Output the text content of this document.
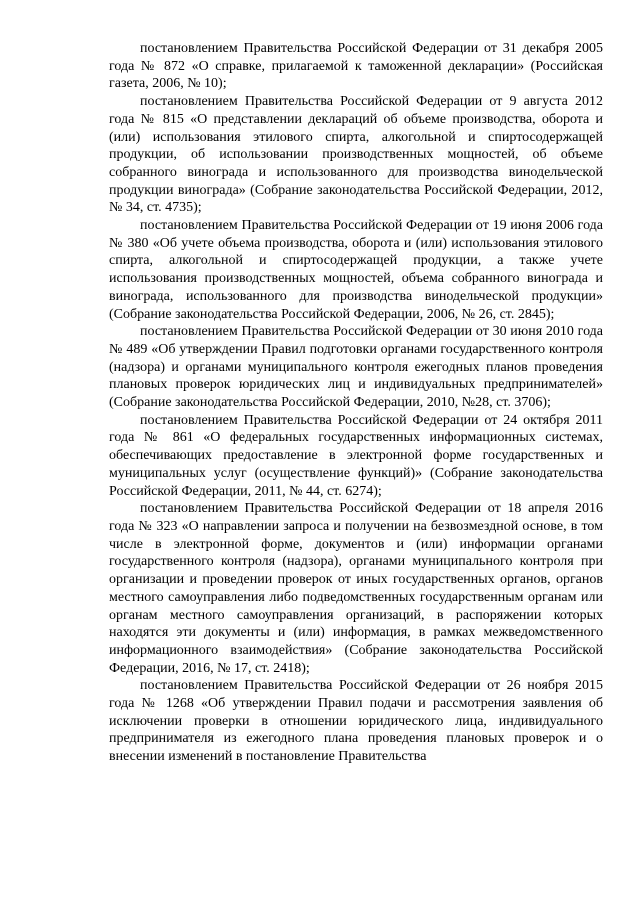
постановлением Правительства Российской Федерации от 31 декабря 2005 года № 872 «О справке, прилагаемой к таможенной декларации» (Российская газета, 2006, № 10);

постановлением Правительства Российской Федерации от 9 августа 2012 года № 815 «О представлении деклараций об объеме производства, оборота и (или) использования этилового спирта, алкогольной и спиртосодержащей продукции, об использовании производственных мощностей, об объеме собранного винограда и использованного для производства винодельческой продукции винограда» (Собрание законодательства Российской Федерации, 2012, № 34, ст. 4735);

постановлением Правительства Российской Федерации от 19 июня 2006 года № 380 «Об учете объема производства, оборота и (или) использования этилового спирта, алкогольной и спиртосодержащей продукции, а также учете использования производственных мощностей, объема собранного винограда и винограда, использованного для производства винодельческой продукции» (Собрание законодательства Российской Федерации, 2006, № 26, ст. 2845);

постановлением Правительства Российской Федерации от 30 июня 2010 года № 489 «Об утверждении Правил подготовки органами государственного контроля (надзора) и органами муниципального контроля ежегодных планов проведения плановых проверок юридических лиц и индивидуальных предпринимателей» (Собрание законодательства Российской Федерации, 2010, №28, ст. 3706);

постановлением Правительства Российской Федерации от 24 октября 2011 года № 861 «О федеральных государственных информационных системах, обеспечивающих предоставление в электронной форме государственных и муниципальных услуг (осуществление функций)» (Собрание законодательства Российской Федерации, 2011, № 44, ст. 6274);

постановлением Правительства Российской Федерации от 18 апреля 2016 года № 323 «О направлении запроса и получении на безвозмездной основе, в том числе в электронной форме, документов и (или) информации органами государственного контроля (надзора), органами муниципального контроля при организации и проведении проверок от иных государственных органов, органов местного самоуправления либо подведомственных государственным органам или органам местного самоуправления организаций, в распоряжении которых находятся эти документы и (или) информация, в рамках межведомственного информационного взаимодействия» (Собрание законодательства Российской Федерации, 2016, № 17, ст. 2418);

постановлением Правительства Российской Федерации от 26 ноября 2015 года № 1268 «Об утверждении Правил подачи и рассмотрения заявления об исключении проверки в отношении юридического лица, индивидуального предпринимателя из ежегодного плана проведения плановых проверок и о внесении изменений в постановление Правительства
